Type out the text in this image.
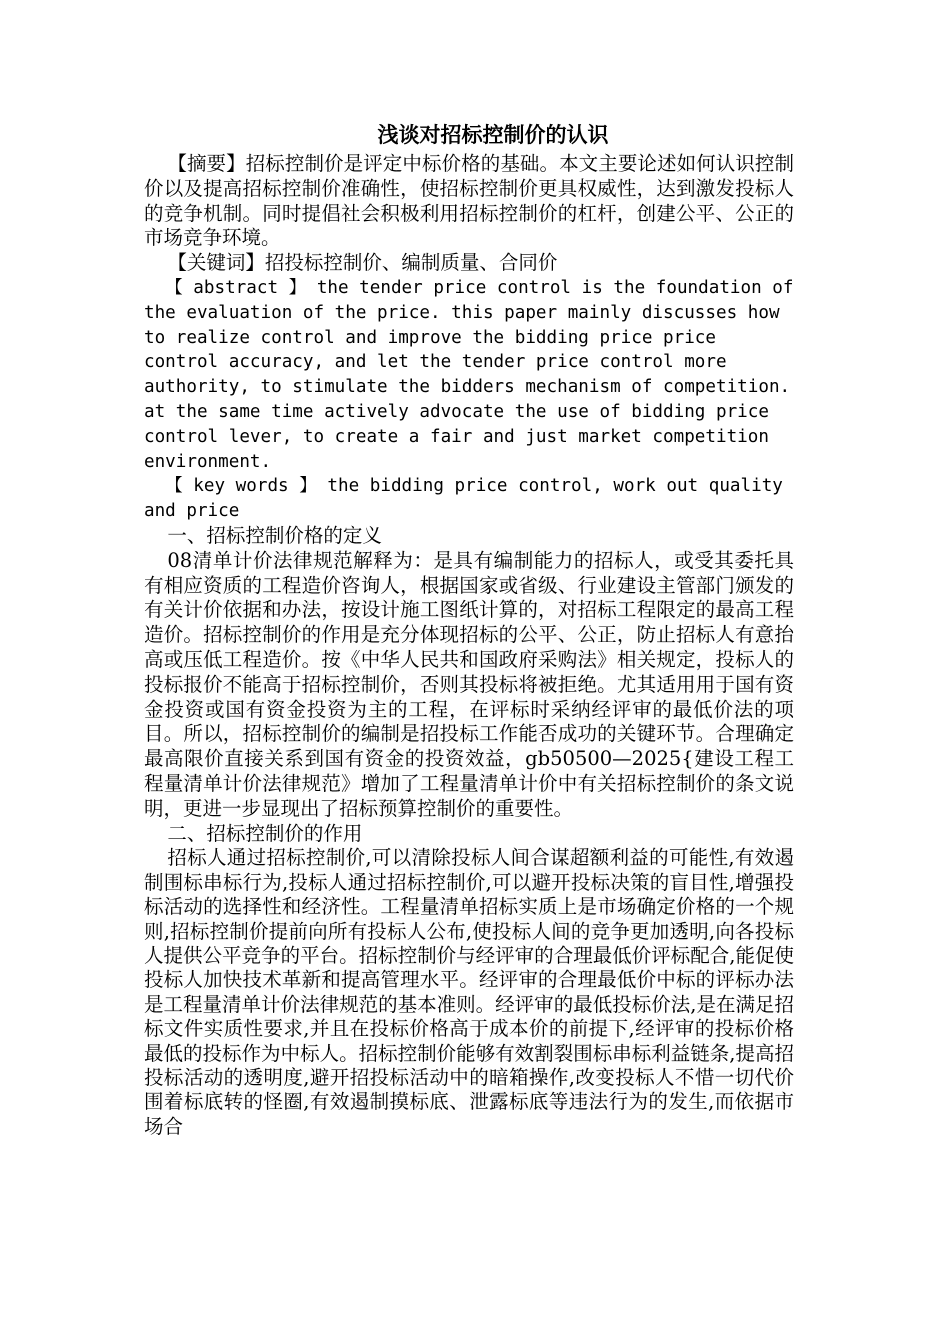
浅谈对招标控制价的认识

【摘要】招标控制价是评定中标价格的基础。本文主要论述如何认识控制价以及提高招标控制价准确性，使招标控制价更具权威性，达到激发投标人的竞争机制。同时提倡社会积极利用招标控制价的杠杆，创建公平、公正的市场竞争环境。

【关键词】招投标控制价、编制质量、合同价

【 abstract 】 the tender price control is the foundation of the evaluation of the price. this paper mainly discusses how to realize control and improve the bidding price price control accuracy, and let the tender price control more authority, to stimulate the bidders mechanism of competition. at the same time actively advocate the use of bidding price control lever, to create a fair and just market competition environment.

【 key words 】 the bidding price control, work out quality and price

一、招标控制价格的定义

08清单计价法律规范解释为：是具有编制能力的招标人，或受其委托具有相应资质的工程造价咨询人，根据国家或省级、行业建设主管部门颁发的有关计价依据和办法，按设计施工图纸计算的，对招标工程限定的最高工程造价。招标控制价的作用是充分体现招标的公平、公正，防止招标人有意抬高或压低工程造价。按《中华人民共和国政府采购法》相关规定，投标人的投标报价不能高于招标控制价，否则其投标将被拒绝。尤其适用用于国有资金投资或国有资金投资为主的工程，在评标时采纳经评审的最低价法的项目。所以，招标控制价的编制是招投标工作能否成功的关键环节。合理确定最高限价直接关系到国有资金的投资效益，gb50500—2025{建设工程工程量清单计价法律规范》增加了工程量清单计价中有关招标控制价的条文说明，更进一步显现出了招标预算控制价的重要性。

二、招标控制价的作用

招标人通过招标控制价,可以清除投标人间合谋超额利益的可能性,有效遏制围标串标行为,投标人通过招标控制价,可以避开投标决策的盲目性,增强投标活动的选择性和经济性。工程量清单招标实质上是市场确定价格的一个规则,招标控制价提前向所有投标人公布,使投标人间的竞争更加透明,向各投标人提供公平竞争的平台。招标控制价与经评审的合理最低价评标配合,能促使投标人加快技术革新和提高管理水平。经评审的合理最低价中标的评标办法是工程量清单计价法律规范的基本准则。经评审的最低投标价法,是在满足招标文件实质性要求,并且在投标价格高于成本价的前提下,经评审的投标价格最低的投标作为中标人。招标控制价能够有效割裂围标串标利益链条,提高招投标活动的透明度,避开招投标活动中的暗箱操作,改变投标人不惜一切代价围着标底转的怪圈,有效遏制摸标底、泄露标底等违法行为的发生,而依据市场合
